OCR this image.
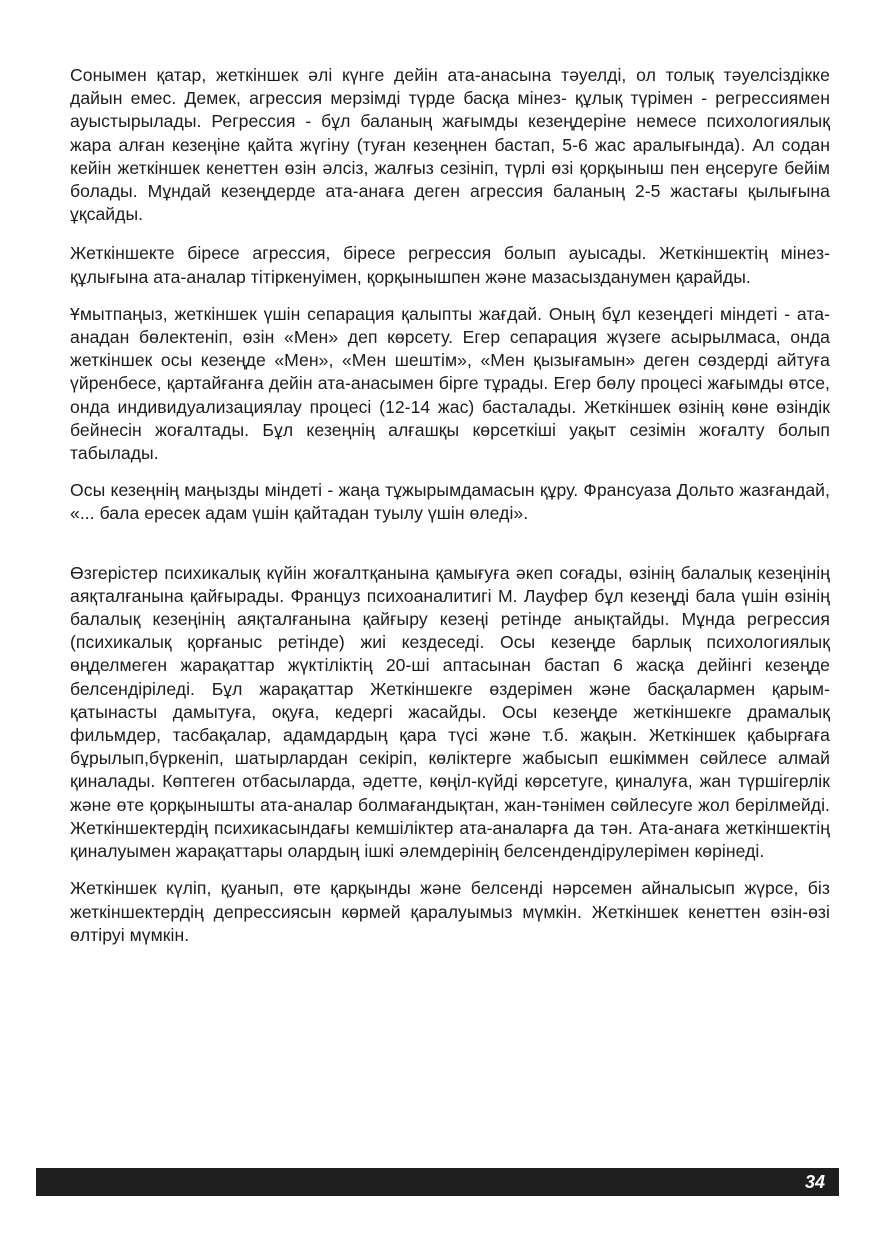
Сонымен қатар, жеткіншек әлі күнге дейін ата-анасына тәуелді, ол толық тәуелсіздікке дайын емес. Демек, агрессия мерзімді түрде басқа мінез- құлық түрімен - регрессиямен ауыстырылады. Регрессия - бұл баланың жағымды кезеңдеріне немесе психологиялық жара алған кезеңіне қайта жүгіну (туған кезеңнен бастап, 5-6 жас аралығында). Ал содан кейін жеткіншек кенеттен өзін әлсіз, жалғыз сезініп, түрлі өзі қорқыныш пен еңсеруге бейім болады. Мұндай кезеңдерде ата-анаға деген агрессия баланың 2-5 жастағы қылығына ұқсайды.

Жеткіншекте біресе агрессия, біресе регрессия болып ауысады. Жеткіншектің мінез-құлығына ата-аналар тітіркенуімен, қорқынышпен және мазасызданумен қарайды.

Ұмытпаңыз, жеткіншек үшін сепарация қалыпты жағдай. Оның бұл кезеңдегі міндеті - ата-анадан бөлектеніп, өзін «Мен» деп көрсету. Егер сепарация жүзеге асырылмаса, онда жеткіншек осы кезеңде «Мен», «Мен шештім», «Мен қызығамын» деген сөздерді айтуға үйренбесе, қартайғанға дейін ата-анасымен бірге тұрады. Егер бөлу процесі жағымды өтсе, онда индивидуализациялау процесі (12-14 жас) басталады. Жеткіншек өзінің көне өзіндік бейнесін жоғалтады. Бұл кезеңнің алғашқы көрсеткіші уақыт сезімін жоғалту болып табылады.

Осы кезеңнің маңызды міндеті - жаңа тұжырымдамасын құру. Франсуаза Дольто жазғандай, «... бала ересек адам үшін қайтадан туылу үшін өледі».

Өзгерістер психикалық күйін жоғалтқанына қамығуға әкеп соғады, өзінің балалық кезеңінің аяқталғанына қайғырады. Француз психоаналитигі М. Лауфер бұл кезеңді бала үшін өзінің балалық кезеңінің аяқталғанына қайғыру кезеңі ретінде анықтайды. Мұнда регрессия (психикалық қорғаныс ретінде) жиі кездеседі. Осы кезеңде барлық психологиялық өңделмеген жарақаттар жүктіліктің 20-ші аптасынан бастап 6 жасқа дейінгі кезеңде белсендіріледі. Бұл жарақаттар Жеткіншекге өздерімен және басқалармен қарым-қатынасты дамытуға, оқуға, кедергі жасайды. Осы кезеңде жеткіншекге драмалық фильмдер, тасбақалар, адамдардың қара түсі және т.б. жақын. Жеткіншек қабырғаға бұрылып,бүркеніп, шатырлардан секіріп, көліктерге жабысып ешкіммен сөйлесе алмай қиналады. Көптеген отбасыларда, әдетте, көңіл-күйді көрсетуге, қиналуға, жан түршігерлік және өте қорқынышты ата-аналар болмағандықтан, жан-тәнімен сөйлесуге жол берілмейді. Жеткіншектердің психикасындағы кемшіліктер ата-аналарға да тән. Ата-анаға жеткіншектің қиналуымен жарақаттары олардың ішкі әлемдерінің белсендендірулерімен көрінеді.

Жеткіншек күліп, қуанып, өте қарқынды және белсенді нәрсемен айналысып жүрсе, біз жеткіншектердің депрессиясын көрмей қаралуымыз мүмкін. Жеткіншек кенеттен өзін-өзі өлтіруі мүмкін.

34
